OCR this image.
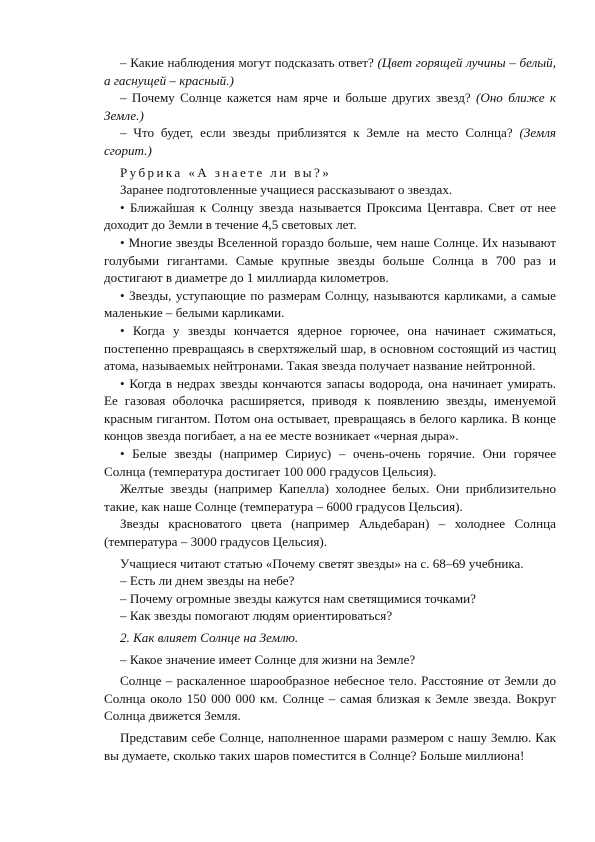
– Какие наблюдения могут подсказать ответ? (Цвет горящей лучины – белый, а гаснущей – красный.)

– Почему Солнце кажется нам ярче и больше других звезд? (Оно ближе к Земле.)

– Что будет, если звезды приблизятся к Земле на место Солнца? (Земля сгорит.)

Рубрика «А знаете ли вы?»

Заранее подготовленные учащиеся рассказывают о звездах.

• Ближайшая к Солнцу звезда называется Проксима Центавра. Свет от нее доходит до Земли в течение 4,5 световых лет.

• Многие звезды Вселенной гораздо больше, чем наше Солнце. Их называют голубыми гигантами. Самые крупные звезды больше Солнца в 700 раз и достигают в диаметре до 1 миллиарда километров.

• Звезды, уступающие по размерам Солнцу, называются карликами, а самые маленькие – белыми карликами.

• Когда у звезды кончается ядерное горючее, она начинает сжиматься, постепенно превращаясь в сверхтяжелый шар, в основном состоящий из частиц атома, называемых нейтронами. Такая звезда получает название нейтронной.

• Когда в недрах звезды кончаются запасы водорода, она начинает умирать. Ее газовая оболочка расширяется, приводя к появлению звезды, именуемой красным гигантом. Потом она остывает, превращаясь в белого карлика. В конце концов звезда погибает, а на ее месте возникает «черная дыра».

• Белые звезды (например Сириус) – очень-очень горячие. Они горячее Солнца (температура достигает 100 000 градусов Цельсия).

Желтые звезды (например Капелла) холоднее белых. Они приблизительно такие, как наше Солнце (температура – 6000 градусов Цельсия).

Звезды красноватого цвета (например Альдебаран) – холоднее Солнца (температура – 3000 градусов Цельсия).

Учащиеся читают статью «Почему светят звезды» на с. 68–69 учебника.

– Есть ли днем звезды на небе?

– Почему огромные звезды кажутся нам светящимися точками?

– Как звезды помогают людям ориентироваться?

2. Как влияет Солнце на Землю.

– Какое значение имеет Солнце для жизни на Земле?

Солнце – раскаленное шарообразное небесное тело. Расстояние от Земли до Солнца около 150 000 000 км. Солнце – самая близкая к Земле звезда. Вокруг Солнца движется Земля.

Представим себе Солнце, наполненное шарами размером с нашу Землю. Как вы думаете, сколько таких шаров поместится в Солнце? Больше миллиона!
